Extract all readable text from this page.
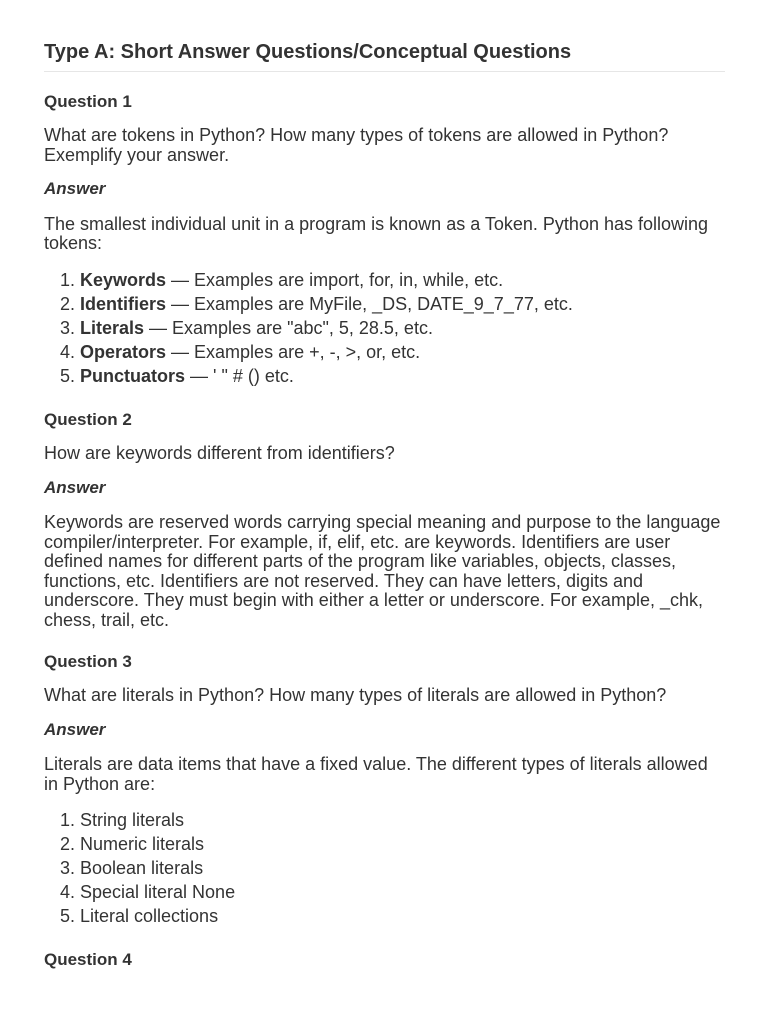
Type A: Short Answer Questions/Conceptual Questions
Question 1

What are tokens in Python? How many types of tokens are allowed in Python? Exemplify your answer.

Answer

The smallest individual unit in a program is known as a Token. Python has following tokens:

1. Keywords — Examples are import, for, in, while, etc.
2. Identifiers — Examples are MyFile, _DS, DATE_9_7_77, etc.
3. Literals — Examples are "abc", 5, 28.5, etc.
4. Operators — Examples are +, -, >, or, etc.
5. Punctuators — ' " # () etc.
Question 2

How are keywords different from identifiers?

Answer

Keywords are reserved words carrying special meaning and purpose to the language compiler/interpreter. For example, if, elif, etc. are keywords. Identifiers are user defined names for different parts of the program like variables, objects, classes, functions, etc. Identifiers are not reserved. They can have letters, digits and underscore. They must begin with either a letter or underscore. For example, _chk, chess, trail, etc.

Question 3

What are literals in Python? How many types of literals are allowed in Python?

Answer

Literals are data items that have a fixed value. The different types of literals allowed in Python are:

1. String literals
2. Numeric literals
3. Boolean literals
4. Special literal None
5. Literal collections
Question 4
